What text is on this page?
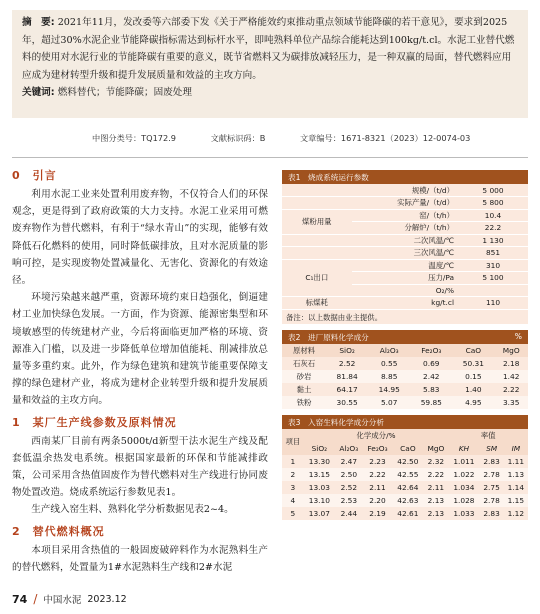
摘　要: 2021年11月，发改委等六部委下发《关于严格能效约束推动重点领域节能降碳的若干意见》，要求到2025年，超过30%水泥企业节能降碳指标需达到标杆水平，即吨熟料单位产品综合能耗达到100kg/t.cl。水泥工业替代燃料的使用对水泥行业的节能降碳有重要的意义，既节省燃料又为碳排放减轻压力，是一种双赢的局面，替代燃料应用应成为建材转型升级和提升发展质量和效益的主攻方向。
关键词: 燃料替代；节能降碳；固废处理
中图分类号：TQ172.9	文献标识码：B	文章编号：1671-8321（2023）12-0074-03
0　引言

利用水泥工业来处置利用废弃物，不仅符合人们的环保观念，更是得到了政府政策的大力支持。水泥工业采用可燃废弃物作为替代燃料，有利于“绿水青山”的实现，能够有效降低石化燃料的使用，同时降低碳排放，且对水泥质量的影响可控，是实现废物处置减量化、无害化、资源化的有效途径。

环境污染越来越严重，资源环境约束日趋强化，倒逼建材工业加快绿色发展。一方面，作为资源、能源密集型和环境敏感型的传统建材产业，今后将面临更加严格的环境、资源准入门槛，以及进一步降低单位增加值能耗、削减排放总量等多重约束。此外，作为绿色建筑和建筑节能重要保障支撑的绿色建材产业，将成为建材企业转型升级和提升发展质量和效益的主攻方向。

1　某厂生产线参数及原料情况

西南某厂目前有两条5000t/d新型干法水泥生产线及配套低温余热发电系统。根据国家最新的环保和节能减排政策，公司采用含热值固废作为替代燃料对生产线进行协同废物处置改造。烧成系统运行参数见表1。

生产线入窑生料、熟料化学分析数据见表2~4。

2　替代燃料概况

本项目采用含热值的一般固废破碎料作为水泥熟料生产的替代燃料，处置量为1#水泥熟料生产线和2#水泥

表1　烧成系统运行参数
规模/（t/d）		5 000
实际产量/（t/d）		5 800
煤粉用量	窑/（t/h）	10.4
	分解炉/（t/h）	22.2
二次风温/℃		1 130
三次风温/℃		851
C₁出口	温度/℃	310
	压力/Pa	5 100
	O₂/%	
标煤耗	kg/t.cl	110
备注：以上数据由业主提供。
表2　进厂原料化学成分	%
原材料	SiO₂	Al₂O₃	Fe₂O₃	CaO	MgO
石灰石	2.52	0.55	0.69	50.31	2.18
砂岩	81.84	8.85	2.42	0.15	1.42
黏土	64.17	14.95	5.83	1.40	2.22
铁粉	30.55	5.07	59.85	4.95	3.35
表3　入窑生料化学成分分析
项目	化学成分/%					率值		
	SiO₂	Al₂O₃	Fe₂O₃	CaO	MgO	KH	SM	IM
1	13.30	2.47	2.23	42.50	2.32	1.011	2.83	1.11
2	13.15	2.50	2.22	42.55	2.22	1.022	2.78	1.13
3	13.03	2.52	2.11	42.64	2.11	1.034	2.75	1.14
4	13.10	2.53	2.20	42.63	2.13	1.028	2.78	1.15
5	13.07	2.44	2.19	42.61	2.13	1.033	2.83	1.12
74 / 中国水泥 2023.12
